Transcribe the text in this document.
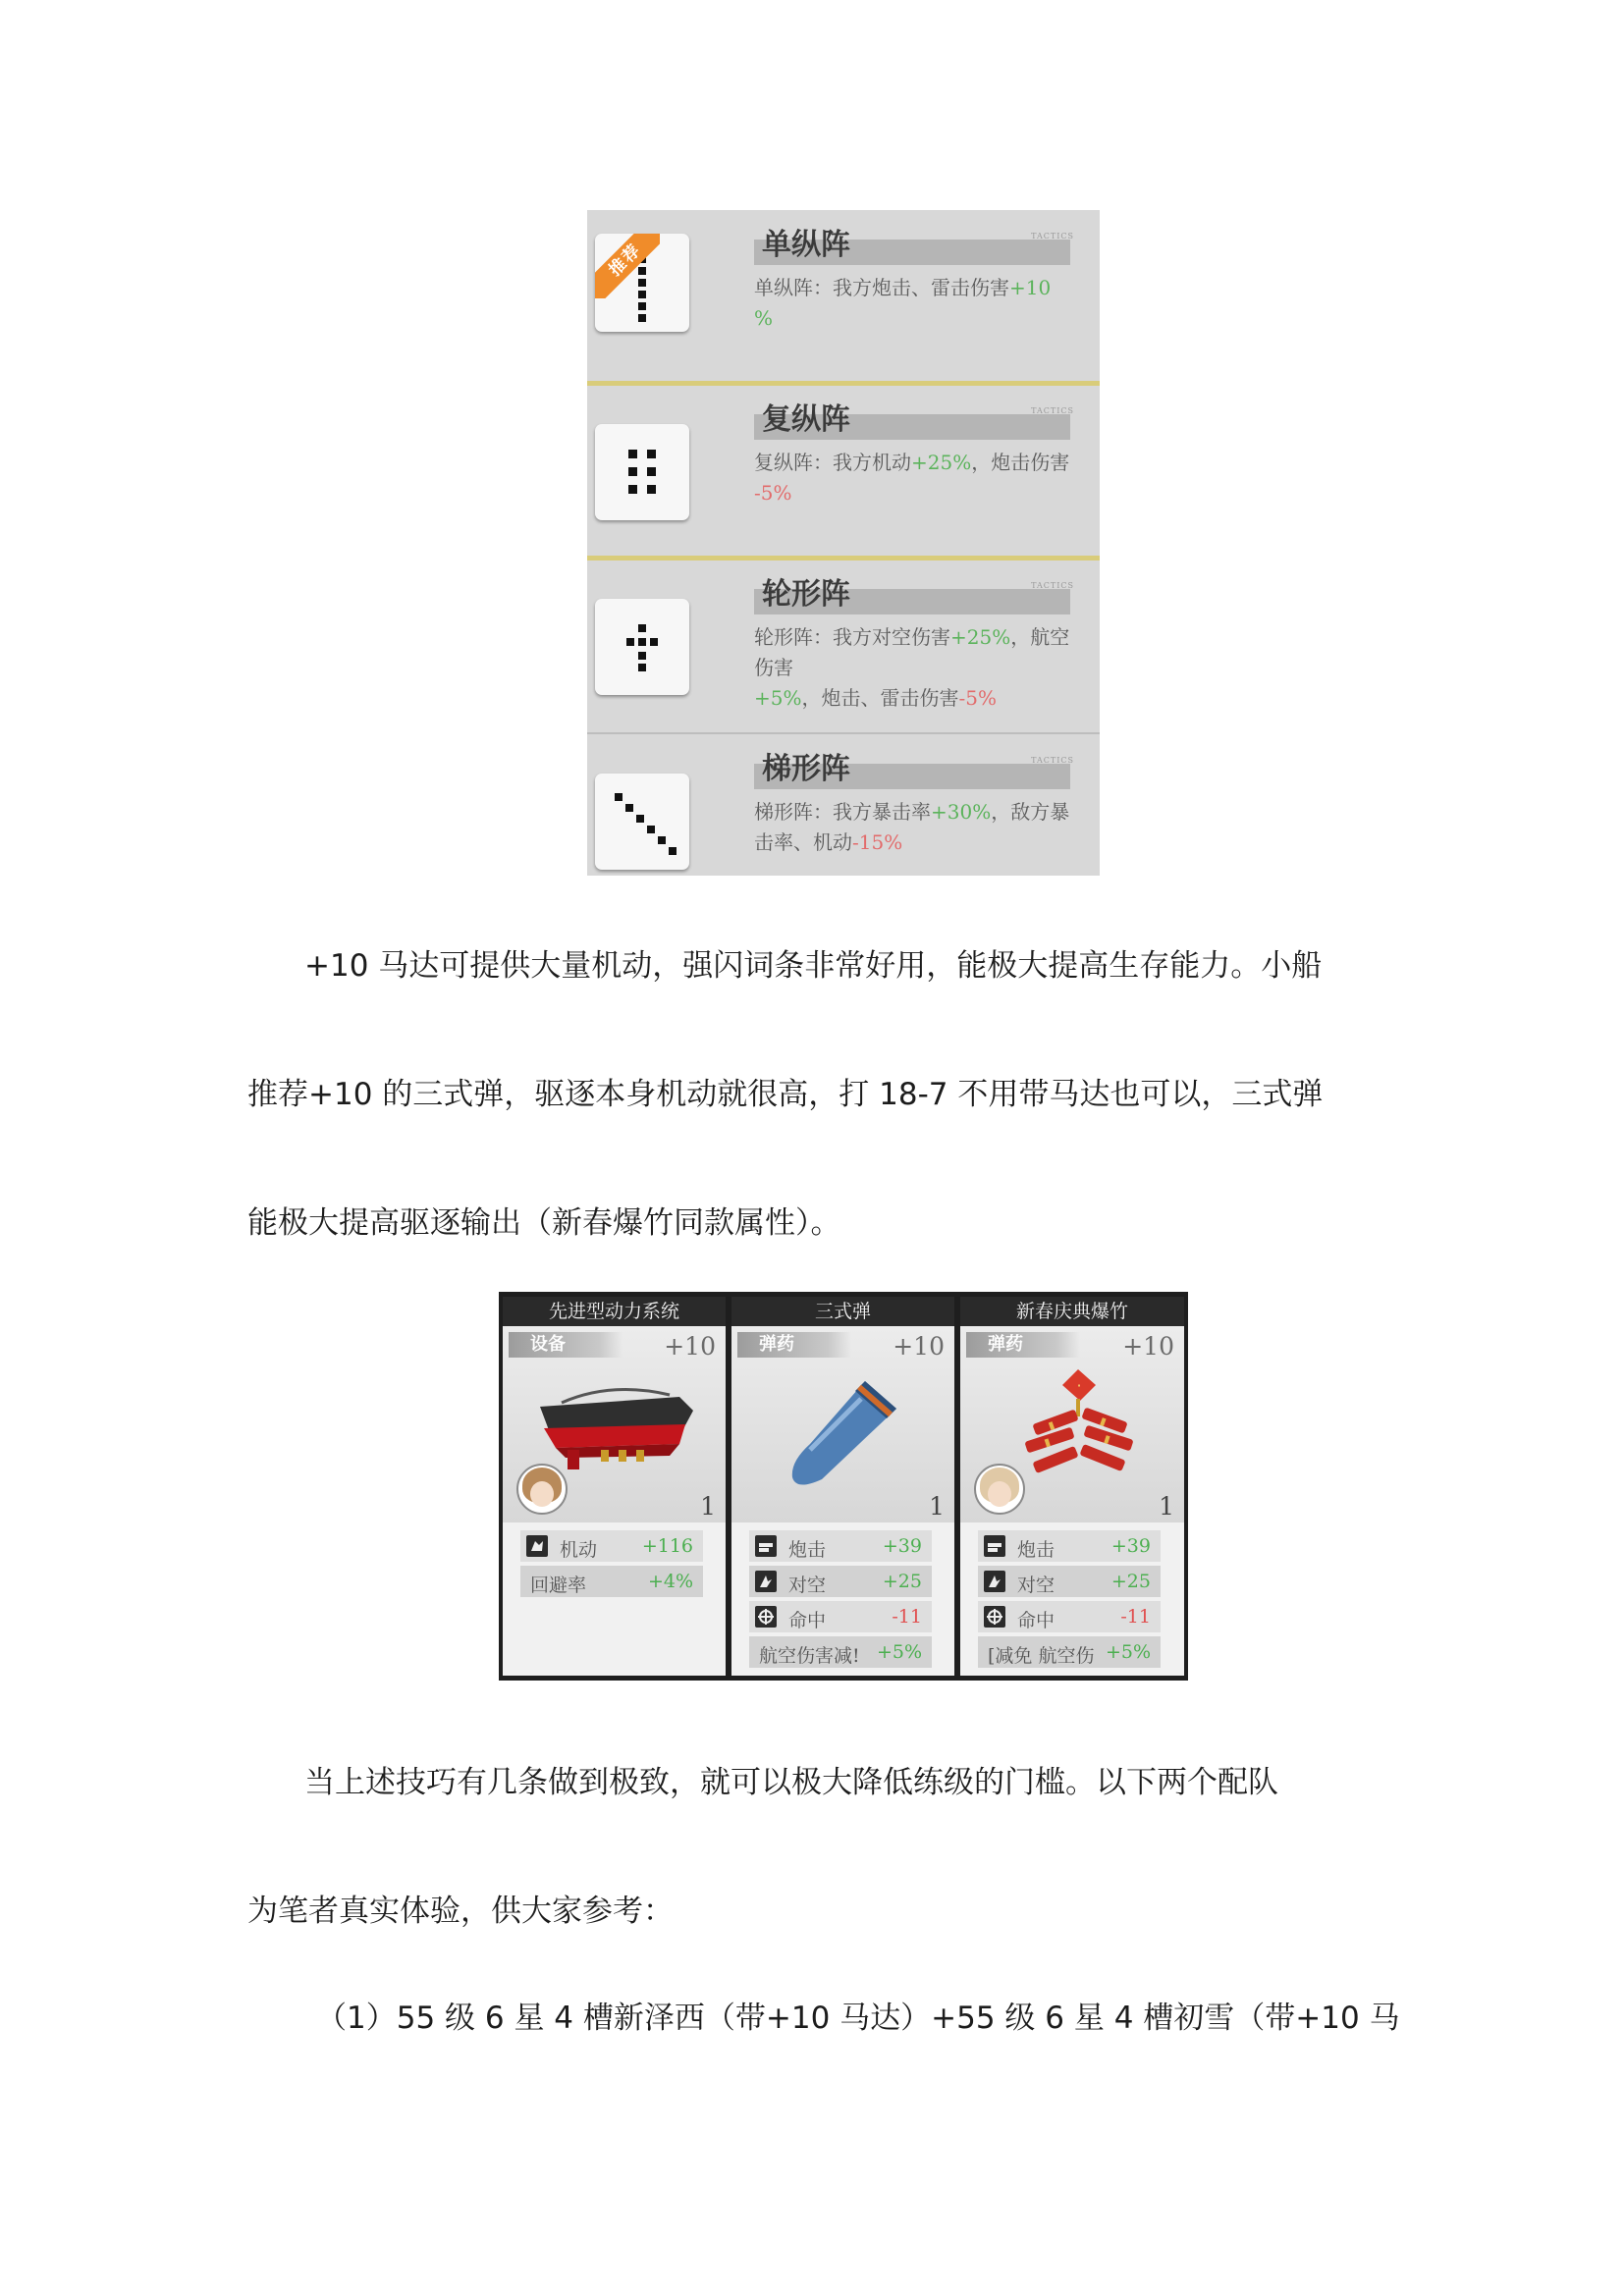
推荐	单纵阵	TACTICS
单纵阵：我方炮击、雷击伤害+10
%
复纵阵	TACTICS
复纵阵：我方机动+25%，炮击伤害
-5%
轮形阵	TACTICS
轮形阵：我方对空伤害+25%，航空伤害
+5%，炮击、雷击伤害-5%
梯形阵	TACTICS
梯形阵：我方暴击率+30%，敌方暴击率、机动-15%
+10 马达可提供大量机动，强闪词条非常好用，能极大提高生存能力。小船
推荐+10 的三式弹，驱逐本身机动就很高，打 18-7 不用带马达也可以，三式弹
能极大提高驱逐输出（新春爆竹同款属性）。
先进型动力系统
设备	+10
1
机动 +116
回避率	+4%
三式弹
弹药	+10
1
炮击	+39
对空	+25
命中	-11
航空伤害减! +5%
新春庆典爆竹
弹药	+10
·
1
炮击	+39
对空	+25
命中	-11
[减免 航空伤 +5%
当上述技巧有几条做到极致，就可以极大降低练级的门槛。以下两个配队
为笔者真实体验，供大家参考：
（1）55 级 6 星 4 槽新泽西（带+10 马达）+55 级 6 星 4 槽初雪（带+10 马
